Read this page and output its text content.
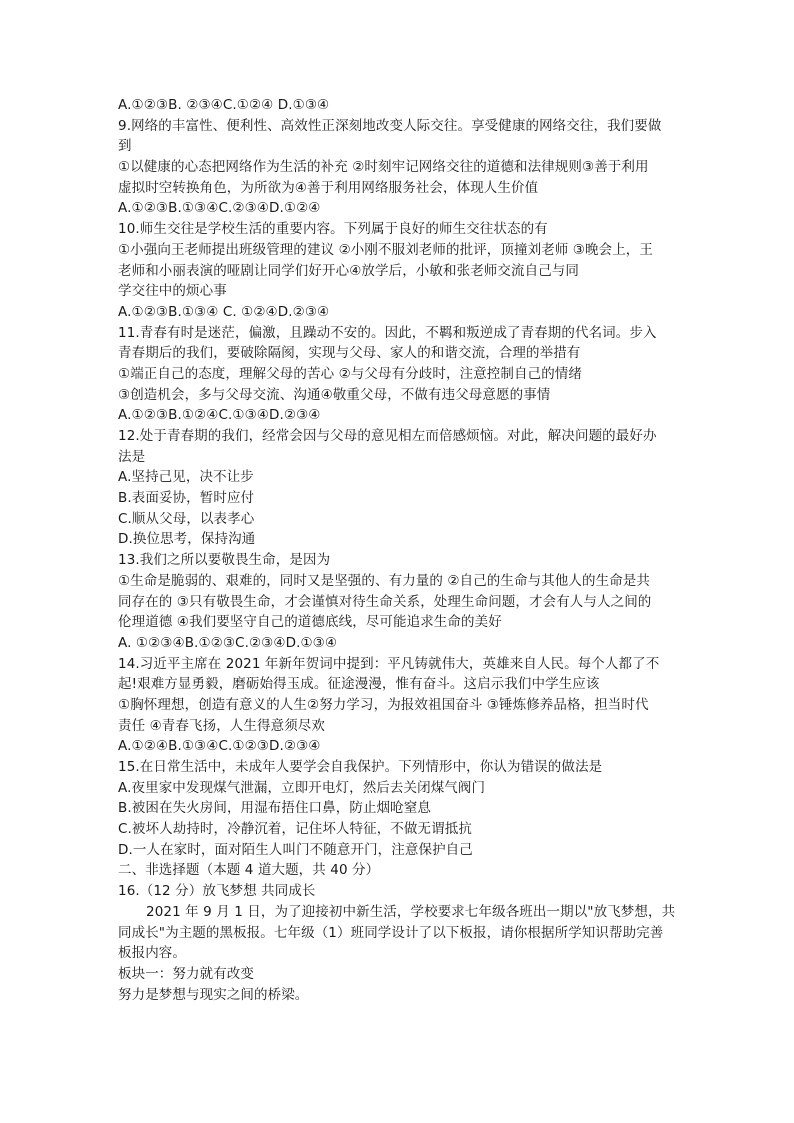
A.①②③B. ②③④C.①②④ D.①③④
9.网络的丰富性、便利性、高效性正深刻地改变人际交往。享受健康的网络交往，我们要做
到
①以健康的心态把网络作为生活的补充 ②时刻牢记网络交往的道德和法律规则③善于利用
虚拟时空转换角色，为所欲为④善于利用网络服务社会，体现人生价值
A.①②③B.①③④C.②③④D.①②④
10.师生交往是学校生活的重要内容。下列属于良好的师生交往状态的有
①小强向王老师提出班级管理的建议 ②小刚不服刘老师的批评，顶撞刘老师 ③晚会上，王
老师和小丽表演的哑剧让同学们好开心④放学后，小敏和张老师交流自己与同
学交往中的烦心事
A.①②③B.①③④ C. ①②④D.②③④
11.青春有时是迷茫，偏激，且躁动不安的。因此，不羁和叛逆成了青春期的代名词。步入
青春期后的我们，要破除隔阂，实现与父母、家人的和谐交流，合理的举措有
①端正自己的态度，理解父母的苦心 ②与父母有分歧时，注意控制自己的情绪
③创造机会，多与父母交流、沟通④敬重父母，不做有违父母意愿的事情
A.①②③B.①②④C.①③④D.②③④
12.处于青春期的我们，经常会因与父母的意见相左而倍感烦恼。对此，解决问题的最好办
法是
A.坚持己见，决不让步
B.表面妥协，暂时应付
C.顺从父母，以表孝心
D.换位思考，保持沟通
13.我们之所以要敬畏生命，是因为
①生命是脆弱的、艰难的，同时又是坚强的、有力量的 ②自己的生命与其他人的生命是共
同存在的 ③只有敬畏生命，才会谨慎对待生命关系，处理生命问题，才会有人与人之间的
伦理道德 ④我们要坚守自己的道德底线，尽可能追求生命的美好
A. ①②③④B.①②③C.②③④D.①③④
14.习近平主席在 2021 年新年贺词中提到：平凡铸就伟大，英雄来自人民。每个人都了不
起!艰难方显勇毅，磨砺始得玉成。征途漫漫，惟有奋斗。这启示我们中学生应该
①胸怀理想，创造有意义的人生②努力学习，为报效祖国奋斗 ③锤炼修养品格，担当时代
责任 ④青春飞扬，人生得意须尽欢
A.①②④B.①③④C.①②③D.②③④
15.在日常生活中，未成年人要学会自我保护。下列情形中，你认为错误的做法是
A.夜里家中发现煤气泄漏，立即开电灯，然后去关闭煤气阀门
B.被困在失火房间，用湿布捂住口鼻，防止烟呛窒息
C.被坏人劫持时，冷静沉着，记住坏人特征，不做无谓抵抗
D.一人在家时，面对陌生人叫门不随意开门，注意保护自己
二、非选择题（本题 4 道大题，共 40 分）
16.（12 分）放飞梦想 共同成长
2021 年 9 月 1 日，为了迎接初中新生活，学校要求七年级各班出一期以"放飞梦想，共
同成长"为主题的黑板报。七年级（1）班同学设计了以下板报，请你根据所学知识帮助完善
板报内容。
板块一：努力就有改变
努力是梦想与现实之间的桥梁。
